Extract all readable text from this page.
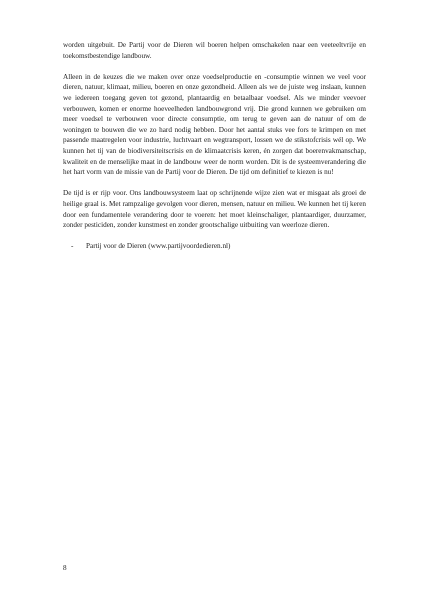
worden uitgebuit. De Partij voor de Dieren wil boeren helpen omschakelen naar een veeteeltvrije en toekomstbestendige landbouw.

Alleen in de keuzes die we maken over onze voedselproductie en -consumptie winnen we veel voor dieren, natuur, klimaat, milieu, boeren en onze gezondheid. Alleen als we de juiste weg inslaan, kunnen we iedereen toegang geven tot gezond, plantaardig en betaalbaar voedsel. Als we minder veevoer verbouwen, komen er enorme hoeveelheden landbouwgrond vrij. Die grond kunnen we gebruiken om meer voedsel te verbouwen voor directe consumptie, om terug te geven aan de natuur of om de woningen te bouwen die we zo hard nodig hebben. Door het aantal stuks vee fors te krimpen en met passende maatregelen voor industrie, luchtvaart en wegtransport, lossen we de stikstofcrisis wél op. We kunnen het tij van de biodiversiteitscrisis en de klimaatcrisis keren, én zorgen dat boerenvakmanschap, kwaliteit en de menselijke maat in de landbouw weer de norm worden. Dit is de systeemverandering die het hart vorm van de missie van de Partij voor de Dieren. De tijd om definitief te kiezen is nu!

De tijd is er rijp voor. Ons landbouwsysteem laat op schrijnende wijze zien wat er misgaat als groei de heilige graal is. Met rampzalige gevolgen voor dieren, mensen, natuur en milieu. We kunnen het tij keren door een fundamentele verandering door te voeren: het moet kleinschaliger, plantaardiger, duurzamer, zonder pesticiden, zonder kunstmest en zonder grootschalige uitbuiting van weerloze dieren.

-	Partij voor de Dieren (www.partijvoordedieren.nl)
8
